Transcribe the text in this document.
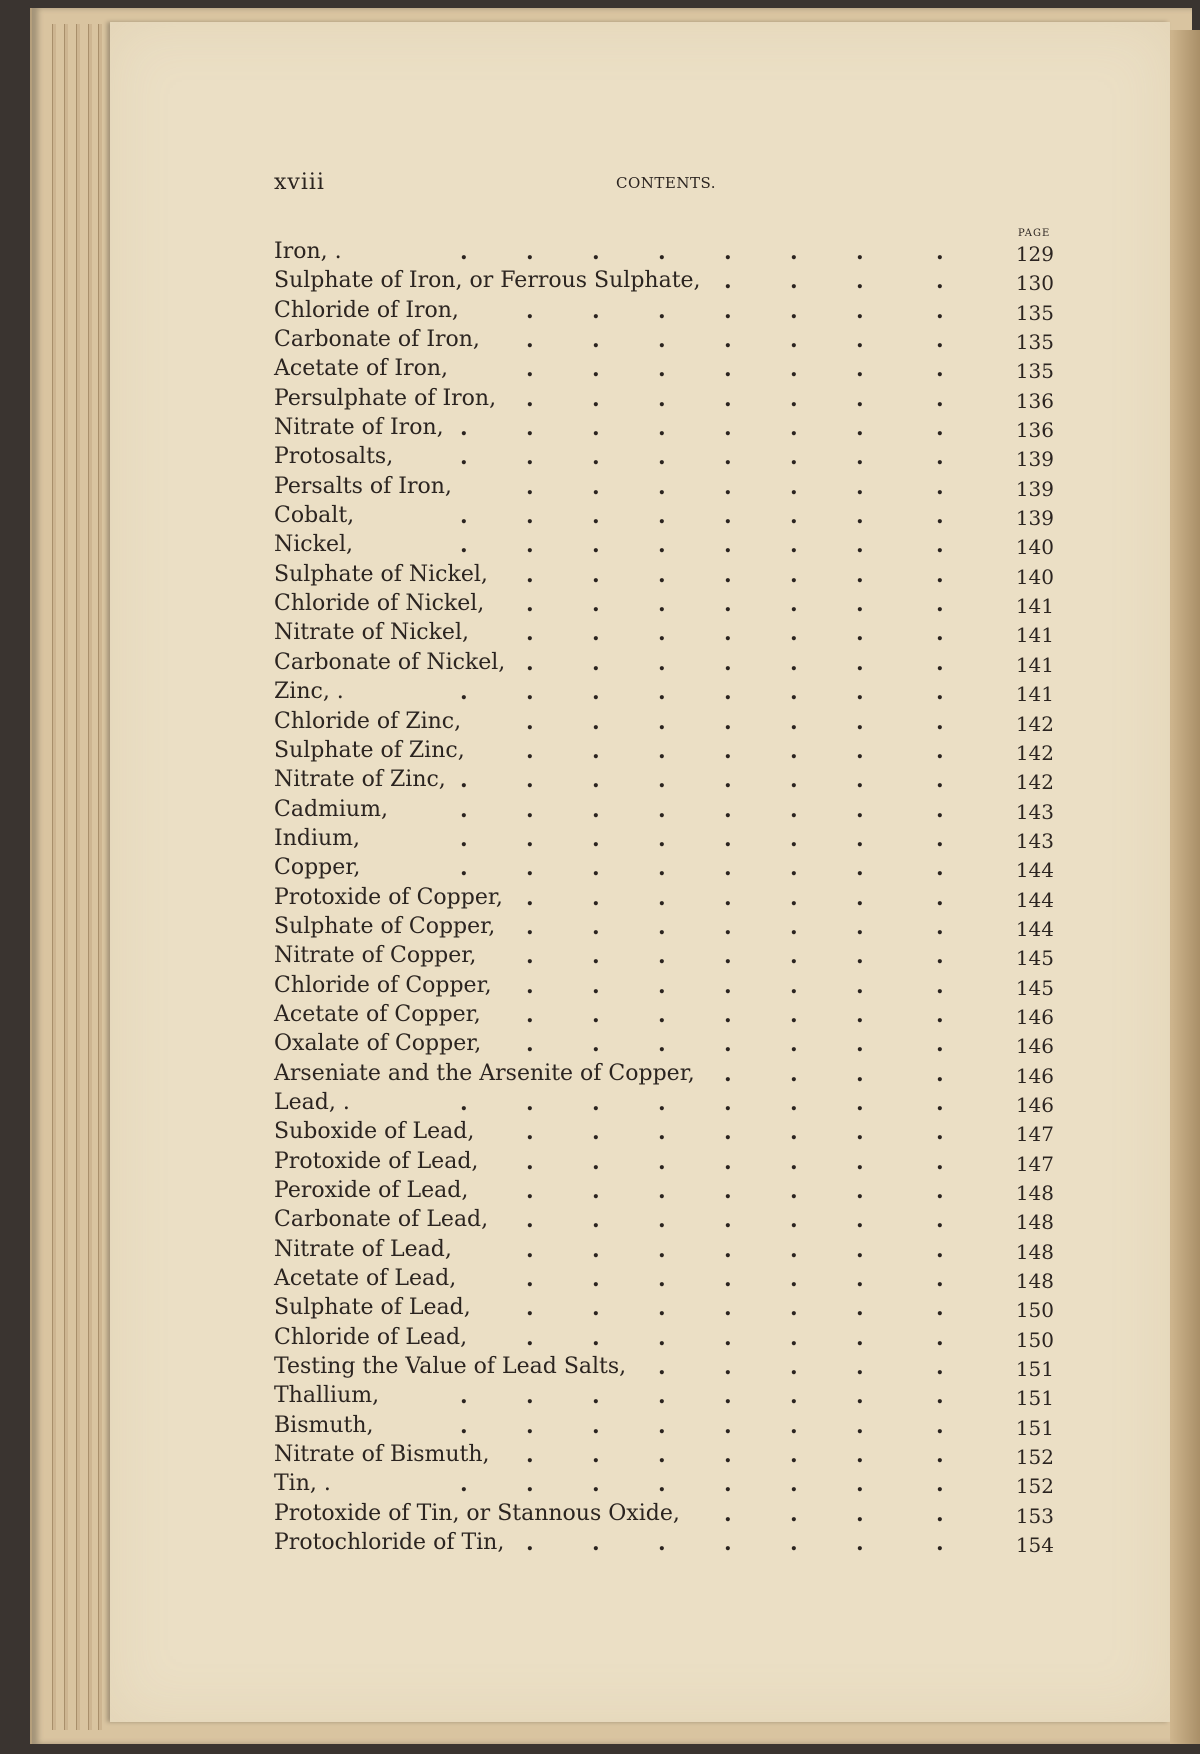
xviii	CONTENTS.
PAGE
.	.	.	.	.	.	.	.
Iron, .	129
.	.	.	.
Sulphate of Iron, or Ferrous Sulphate,	130
.	.	.	.	.	.	.
Chloride of Iron,	135
.	.	.	.	.	.	.
Carbonate of Iron,	135
.	.	.	.	.	.	.
Acetate of Iron,	135
.	.	.	.	.	.	.
Persulphate of Iron,	136
.	.	.	.	.	.	.	.
Nitrate of Iron,	136
.	.	.	.	.	.	.	.
Protosalts,	139
.	.	.	.	.	.	.
Persalts of Iron,	139
.	.	.	.	.	.	.	.
Cobalt,	139
.	.	.	.	.	.	.	.
Nickel,	140
.	.	.	.	.	.	.
Sulphate of Nickel,	140
.	.	.	.	.	.	.
Chloride of Nickel,	141
.	.	.	.	.	.	.
Nitrate of Nickel,	141
.	.	.	.	.	.	.
Carbonate of Nickel,	141
.	.	.	.	.	.	.	.
Zinc, .	141
.	.	.	.	.	.	.
Chloride of Zinc,	142
.	.	.	.	.	.	.
Sulphate of Zinc,	142
.	.	.	.	.	.	.	.
Nitrate of Zinc,	142
.	.	.	.	.	.	.	.
Cadmium,	143
.	.	.	.	.	.	.	.
Indium,	143
.	.	.	.	.	.	.	.
Copper,	144
.	.	.	.	.	.	.
Protoxide of Copper,	144
.	.	.	.	.	.	.
Sulphate of Copper,	144
.	.	.	.	.	.	.
Nitrate of Copper,	145
.	.	.	.	.	.	.
Chloride of Copper,	145
.	.	.	.	.	.	.
Acetate of Copper,	146
.	.	.	.	.	.	.
Oxalate of Copper,	146
.	.	.	.
Arseniate and the Arsenite of Copper,	146
.	.	.	.	.	.	.	.
Lead, .	146
.	.	.	.	.	.	.
Suboxide of Lead,	147
.	.	.	.	.	.	.
Protoxide of Lead,	147
.	.	.	.	.	.	.
Peroxide of Lead,	148
.	.	.	.	.	.	.
Carbonate of Lead,	148
.	.	.	.	.	.	.
Nitrate of Lead,	148
.	.	.	.	.	.	.
Acetate of Lead,	148
.	.	.	.	.	.	.
Sulphate of Lead,	150
.	.	.	.	.	.	.
Chloride of Lead,	150
.	.	.	.	.
Testing the Value of Lead Salts,	151
.	.	.	.	.	.	.	.
Thallium,	151
.	.	.	.	.	.	.	.
Bismuth,	151
.	.	.	.	.	.	.
Nitrate of Bismuth,	152
.	.	.	.	.	.	.	.
Tin, .	152
.	.	.	.
Protoxide of Tin, or Stannous Oxide,	153
.	.	.	.	.	.	.
Protochloride of Tin,	154
